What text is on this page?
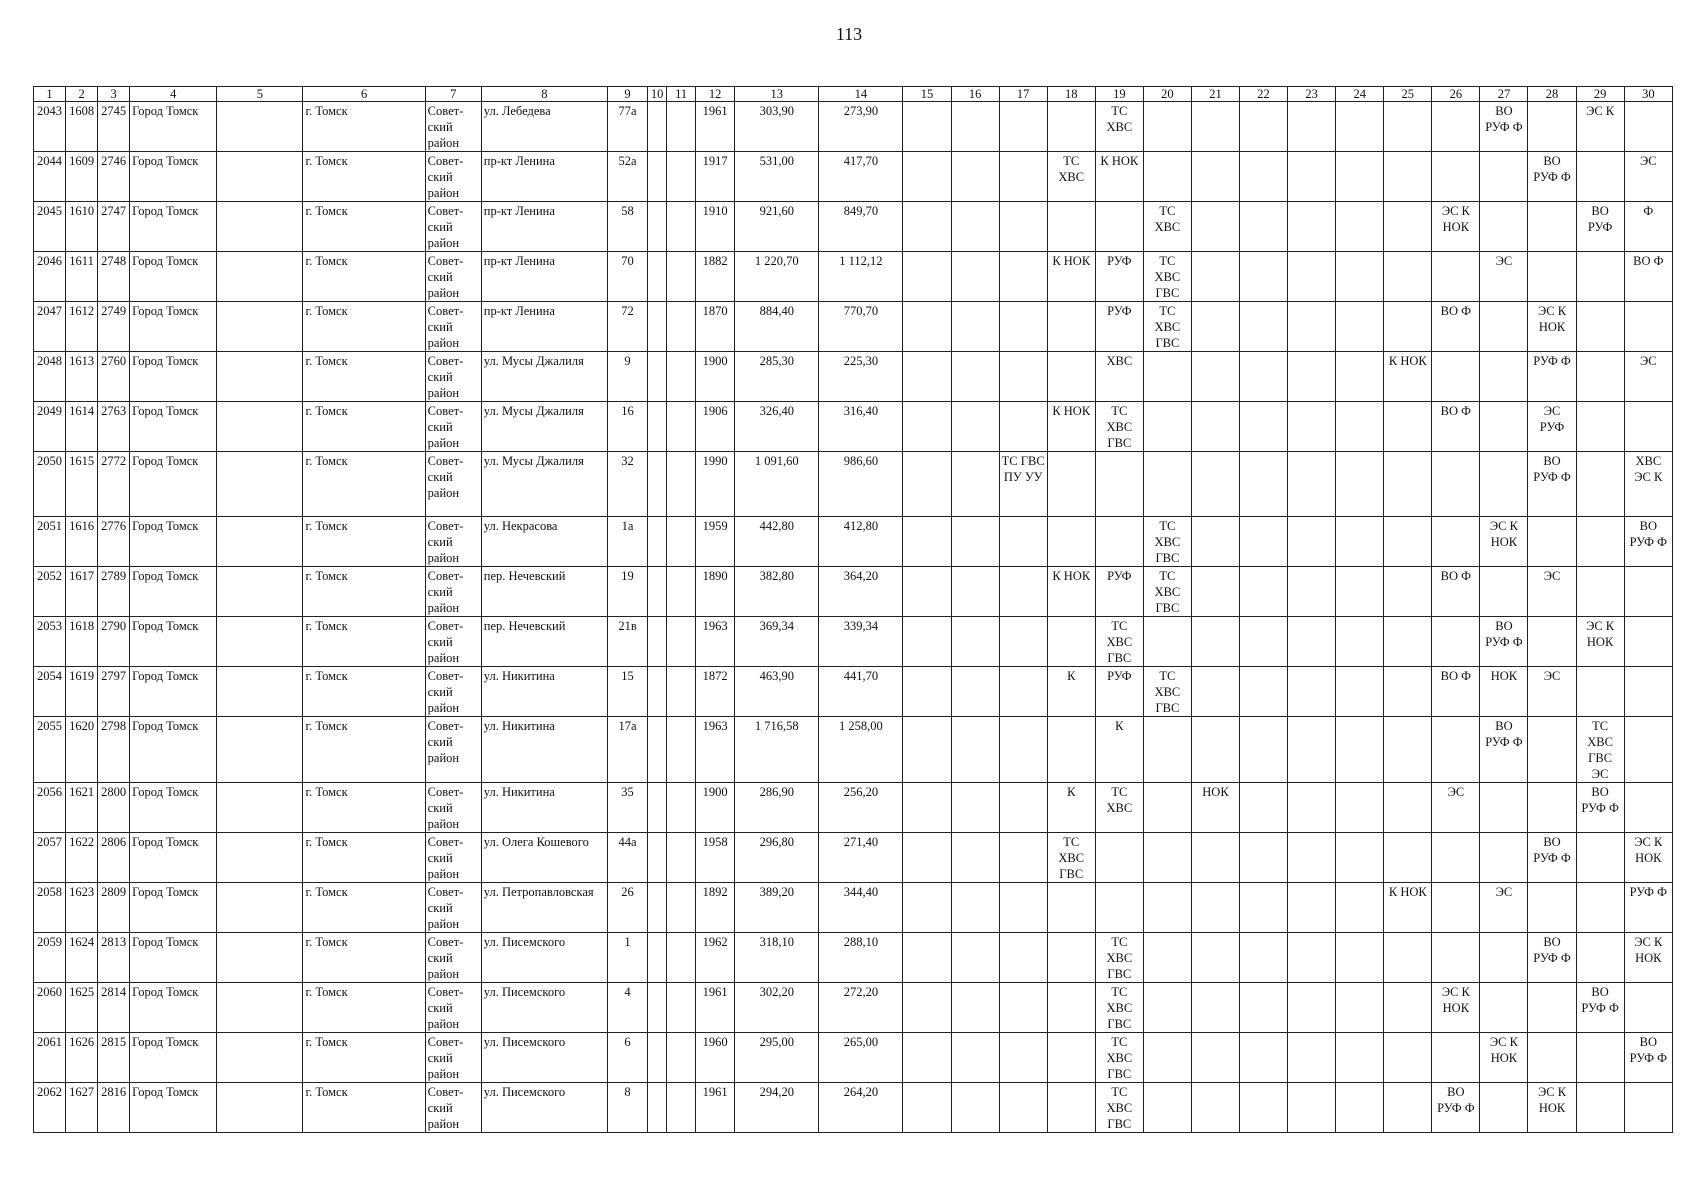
113
1	2	3	4	5	6	7	8	9	10	11	12	13	14	15	16	17	18	19	20	21	22	23	24	25	26	27	28	29	30
2043	1608	2745	Город Томск		г. Томск	Совет-ский район	ул. Лебедева	77а			1961	303,90	273,90					ТС ХВС								ВО РУФ Ф		ЭС К	
2044	1609	2746	Город Томск		г. Томск	Совет-ский район	пр-кт Ленина	52а			1917	531,00	417,70				ТС ХВС	К НОК									ВО РУФ Ф		ЭС
2045	1610	2747	Город Томск		г. Томск	Совет-ский район	пр-кт Ленина	58			1910	921,60	849,70						ТС ХВС						ЭС К НОК			ВО РУФ	Ф
2046	1611	2748	Город Томск		г. Томск	Совет-ский район	пр-кт Ленина	70			1882	1 220,70	1 112,12				К НОК	РУФ	ТС ХВС ГВС							ЭС			ВО Ф
2047	1612	2749	Город Томск		г. Томск	Совет-ский район	пр-кт Ленина	72			1870	884,40	770,70					РУФ	ТС ХВС ГВС						ВО Ф		ЭС К НОК		
2048	1613	2760	Город Томск		г. Томск	Совет-ский район	ул. Мусы Джалиля	9			1900	285,30	225,30					ХВС						К НОК			РУФ Ф		ЭС
2049	1614	2763	Город Томск		г. Томск	Совет-ский район	ул. Мусы Джалиля	16			1906	326,40	316,40				К НОК	ТС ХВС ГВС							ВО Ф		ЭС РУФ		
2050	1615	2772	Город Томск		г. Томск	Совет-ский район	ул. Мусы Джалиля	32			1990	1 091,60	986,60			ТС ГВС ПУ УУ											ВО РУФ Ф		ХВС ЭС К
2051	1616	2776	Город Томск		г. Томск	Совет-ский район	ул. Некрасова	1а			1959	442,80	412,80						ТС ХВС ГВС							ЭС К НОК			ВО РУФ Ф
2052	1617	2789	Город Томск		г. Томск	Совет-ский район	пер. Нечевский	19			1890	382,80	364,20				К НОК	РУФ	ТС ХВС ГВС						ВО Ф		ЭС		
2053	1618	2790	Город Томск		г. Томск	Совет-ский район	пер. Нечевский	21в			1963	369,34	339,34					ТС ХВС ГВС								ВО РУФ Ф		ЭС К НОК	
2054	1619	2797	Город Томск		г. Томск	Совет-ский район	ул. Никитина	15			1872	463,90	441,70				К	РУФ	ТС ХВС ГВС						ВО Ф	НОК	ЭС		
2055	1620	2798	Город Томск		г. Томск	Совет-ский район	ул. Никитина	17а			1963	1 716,58	1 258,00					К								ВО РУФ Ф		ТС ХВС ГВС ЭС	
2056	1621	2800	Город Томск		г. Томск	Совет-ский район	ул. Никитина	35			1900	286,90	256,20				К	ТС ХВС		НОК					ЭС			ВО РУФ Ф	
2057	1622	2806	Город Томск		г. Томск	Совет-ский район	ул. Олега Кошевого	44а			1958	296,80	271,40				ТС ХВС ГВС										ВО РУФ Ф		ЭС К НОК
2058	1623	2809	Город Томск		г. Томск	Совет-ский район	ул. Петропавловская	26			1892	389,20	344,40											К НОК		ЭС			РУФ Ф
2059	1624	2813	Город Томск		г. Томск	Совет-ский район	ул. Писемского	1			1962	318,10	288,10					ТС ХВС ГВС									ВО РУФ Ф		ЭС К НОК
2060	1625	2814	Город Томск		г. Томск	Совет-ский район	ул. Писемского	4			1961	302,20	272,20					ТС ХВС ГВС							ЭС К НОК			ВО РУФ Ф	
2061	1626	2815	Город Томск		г. Томск	Совет-ский район	ул. Писемского	6			1960	295,00	265,00					ТС ХВС ГВС								ЭС К НОК			ВО РУФ Ф
2062	1627	2816	Город Томск		г. Томск	Совет-ский район	ул. Писемского	8			1961	294,20	264,20					ТС ХВС ГВС							ВО РУФ Ф		ЭС К НОК		
